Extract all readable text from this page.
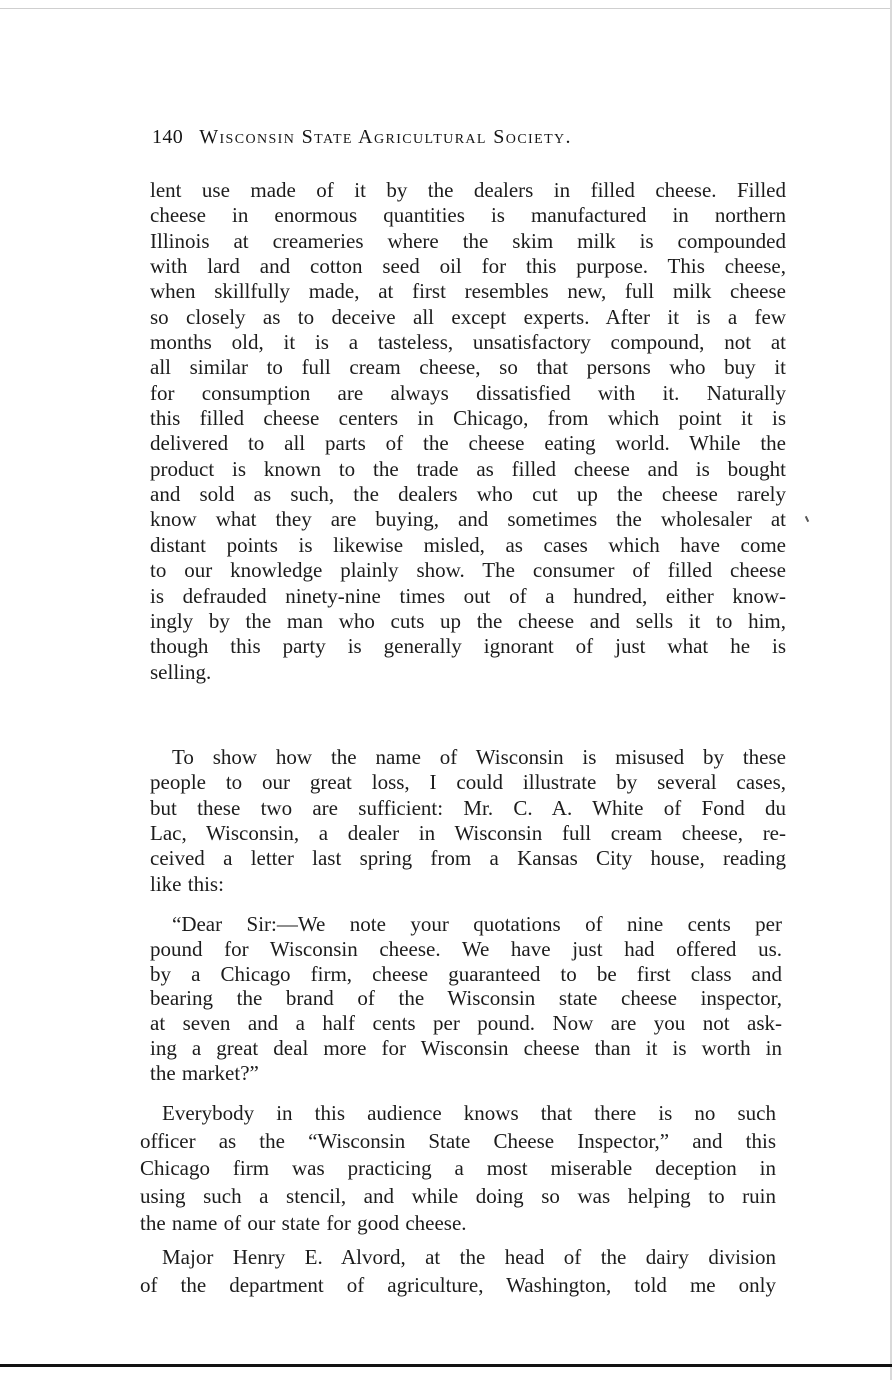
140 Wisconsin State Agricultural Society.
lent use made of it by the dealers in filled cheese. Filled
cheese in enormous quantities is manufactured in northern
Illinois at creameries where the skim milk is compounded
with lard and cotton seed oil for this purpose. This cheese,
when skillfully made, at first resembles new, full milk cheese
so closely as to deceive all except experts. After it is a few
months old, it is a tasteless, unsatisfactory compound, not at
all similar to full cream cheese, so that persons who buy it
for consumption are always dissatisfied with it. Naturally
this filled cheese centers in Chicago, from which point it is
delivered to all parts of the cheese eating world. While the
product is known to the trade as filled cheese and is bought
and sold as such, the dealers who cut up the cheese rarely
know what they are buying, and sometimes the wholesaler at
distant points is likewise misled, as cases which have come
to our knowledge plainly show. The consumer of filled cheese
is defrauded ninety-nine times out of a hundred, either know-
ingly by the man who cuts up the cheese and sells it to him,
though this party is generally ignorant of just what he is
selling.
To show how the name of Wisconsin is misused by these
people to our great loss, I could illustrate by several cases,
but these two are sufficient: Mr. C. A. White of Fond du
Lac, Wisconsin, a dealer in Wisconsin full cream cheese, re-
ceived a letter last spring from a Kansas City house, reading
like this:
“Dear Sir:—We note your quotations of nine cents per
pound for Wisconsin cheese. We have just had offered us.
by a Chicago firm, cheese guaranteed to be first class and
bearing the brand of the Wisconsin state cheese inspector,
at seven and a half cents per pound. Now are you not ask-
ing a great deal more for Wisconsin cheese than it is worth in
the market?”
Everybody in this audience knows that there is no such
officer as the “Wisconsin State Cheese Inspector,” and this
Chicago firm was practicing a most miserable deception in
using such a stencil, and while doing so was helping to ruin
the name of our state for good cheese.
Major Henry E. Alvord, at the head of the dairy division
of the department of agriculture, Washington, told me only
